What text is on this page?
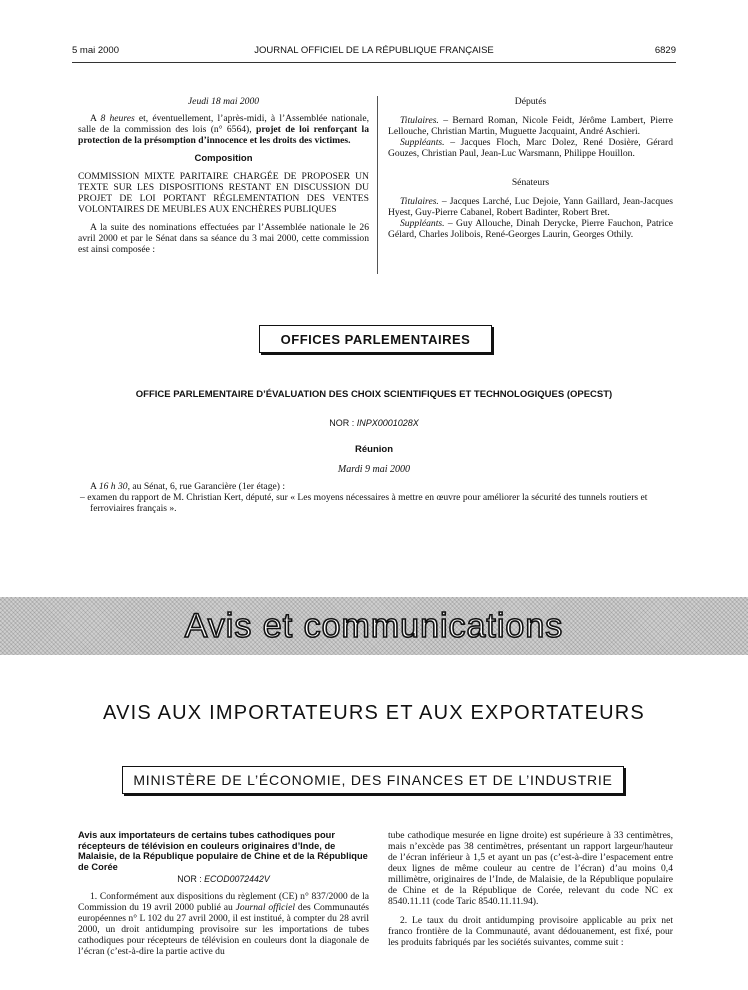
5 mai 2000	JOURNAL OFFICIEL DE LA RÉPUBLIQUE FRANÇAISE	6829

Jeudi 18 mai 2000

A 8 heures et, éventuellement, l’après-midi, à l’Assemblée nationale, salle de la commission des lois (n° 6564), projet de loi renforçant la protection de la présomption d’innocence et les droits des victimes.

Composition

COMMISSION MIXTE PARITAIRE CHARGÉE DE PROPOSER UN TEXTE SUR LES DISPOSITIONS RESTANT EN DISCUSSION DU PROJET DE LOI PORTANT RÉGLEMENTATION DES VENTES VOLONTAIRES DE MEUBLES AUX ENCHÈRES PUBLIQUES

A la suite des nominations effectuées par l’Assemblée nationale le 26 avril 2000 et par le Sénat dans sa séance du 3 mai 2000, cette commission est ainsi composée :

Députés

Titulaires. – Bernard Roman, Nicole Feidt, Jérôme Lambert, Pierre Lellouche, Christian Martin, Muguette Jacquaint, André Aschieri.

Suppléants. – Jacques Floch, Marc Dolez, René Dosière, Gérard Gouzes, Christian Paul, Jean-Luc Warsmann, Philippe Houillon.

Sénateurs

Titulaires. – Jacques Larché, Luc Dejoie, Yann Gaillard, Jean-Jacques Hyest, Guy-Pierre Cabanel, Robert Badinter, Robert Bret.

Suppléants. – Guy Allouche, Dinah Derycke, Pierre Fauchon, Patrice Gélard, Charles Jolibois, René-Georges Laurin, Georges Othily.

OFFICES PARLEMENTAIRES
OFFICE PARLEMENTAIRE D’ÉVALUATION DES CHOIX SCIENTIFIQUES ET TECHNOLOGIQUES (OPECST)
NOR : INPX0001028X
Réunion
Mardi 9 mai 2000

A 16 h 30, au Sénat, 6, rue Garancière (1er étage) :

– examen du rapport de M. Christian Kert, député, sur « Les moyens nécessaires à mettre en œuvre pour améliorer la sécurité des tunnels routiers et ferroviaires français ».

Avis et communications
AVIS AUX IMPORTATEURS ET AUX EXPORTATEURS
MINISTÈRE DE L’ÉCONOMIE, DES FINANCES ET DE L’INDUSTRIE

Avis aux importateurs de certains tubes cathodiques pour récepteurs de télévision en couleurs originaires d’Inde, de Malaisie, de la République populaire de Chine et de la République de Corée

NOR : ECOD0072442V

1. Conformément aux dispositions du règlement (CE) n° 837/2000 de la Commission du 19 avril 2000 publié au Journal officiel des Communautés européennes n° L 102 du 27 avril 2000, il est institué, à compter du 28 avril 2000, un droit antidumping provisoire sur les importations de tubes cathodiques pour récepteurs de télévision en couleurs dont la diagonale de l’écran (c’est-à-dire la partie active du

tube cathodique mesurée en ligne droite) est supérieure à 33 centimètres, mais n’excède pas 38 centimètres, présentant un rapport largeur/hauteur de l’écran inférieur à 1,5 et ayant un pas (c’est-à-dire l’espacement entre deux lignes de même couleur au centre de l’écran) d’au moins 0,4 millimètre, originaires de l’Inde, de Malaisie, de la République populaire de Chine et de la République de Corée, relevant du code NC ex 8540.11.11 (code Taric 8540.11.11.94).

2. Le taux du droit antidumping provisoire applicable au prix net franco frontière de la Communauté, avant dédouanement, est fixé, pour les produits fabriqués par les sociétés suivantes, comme suit :
